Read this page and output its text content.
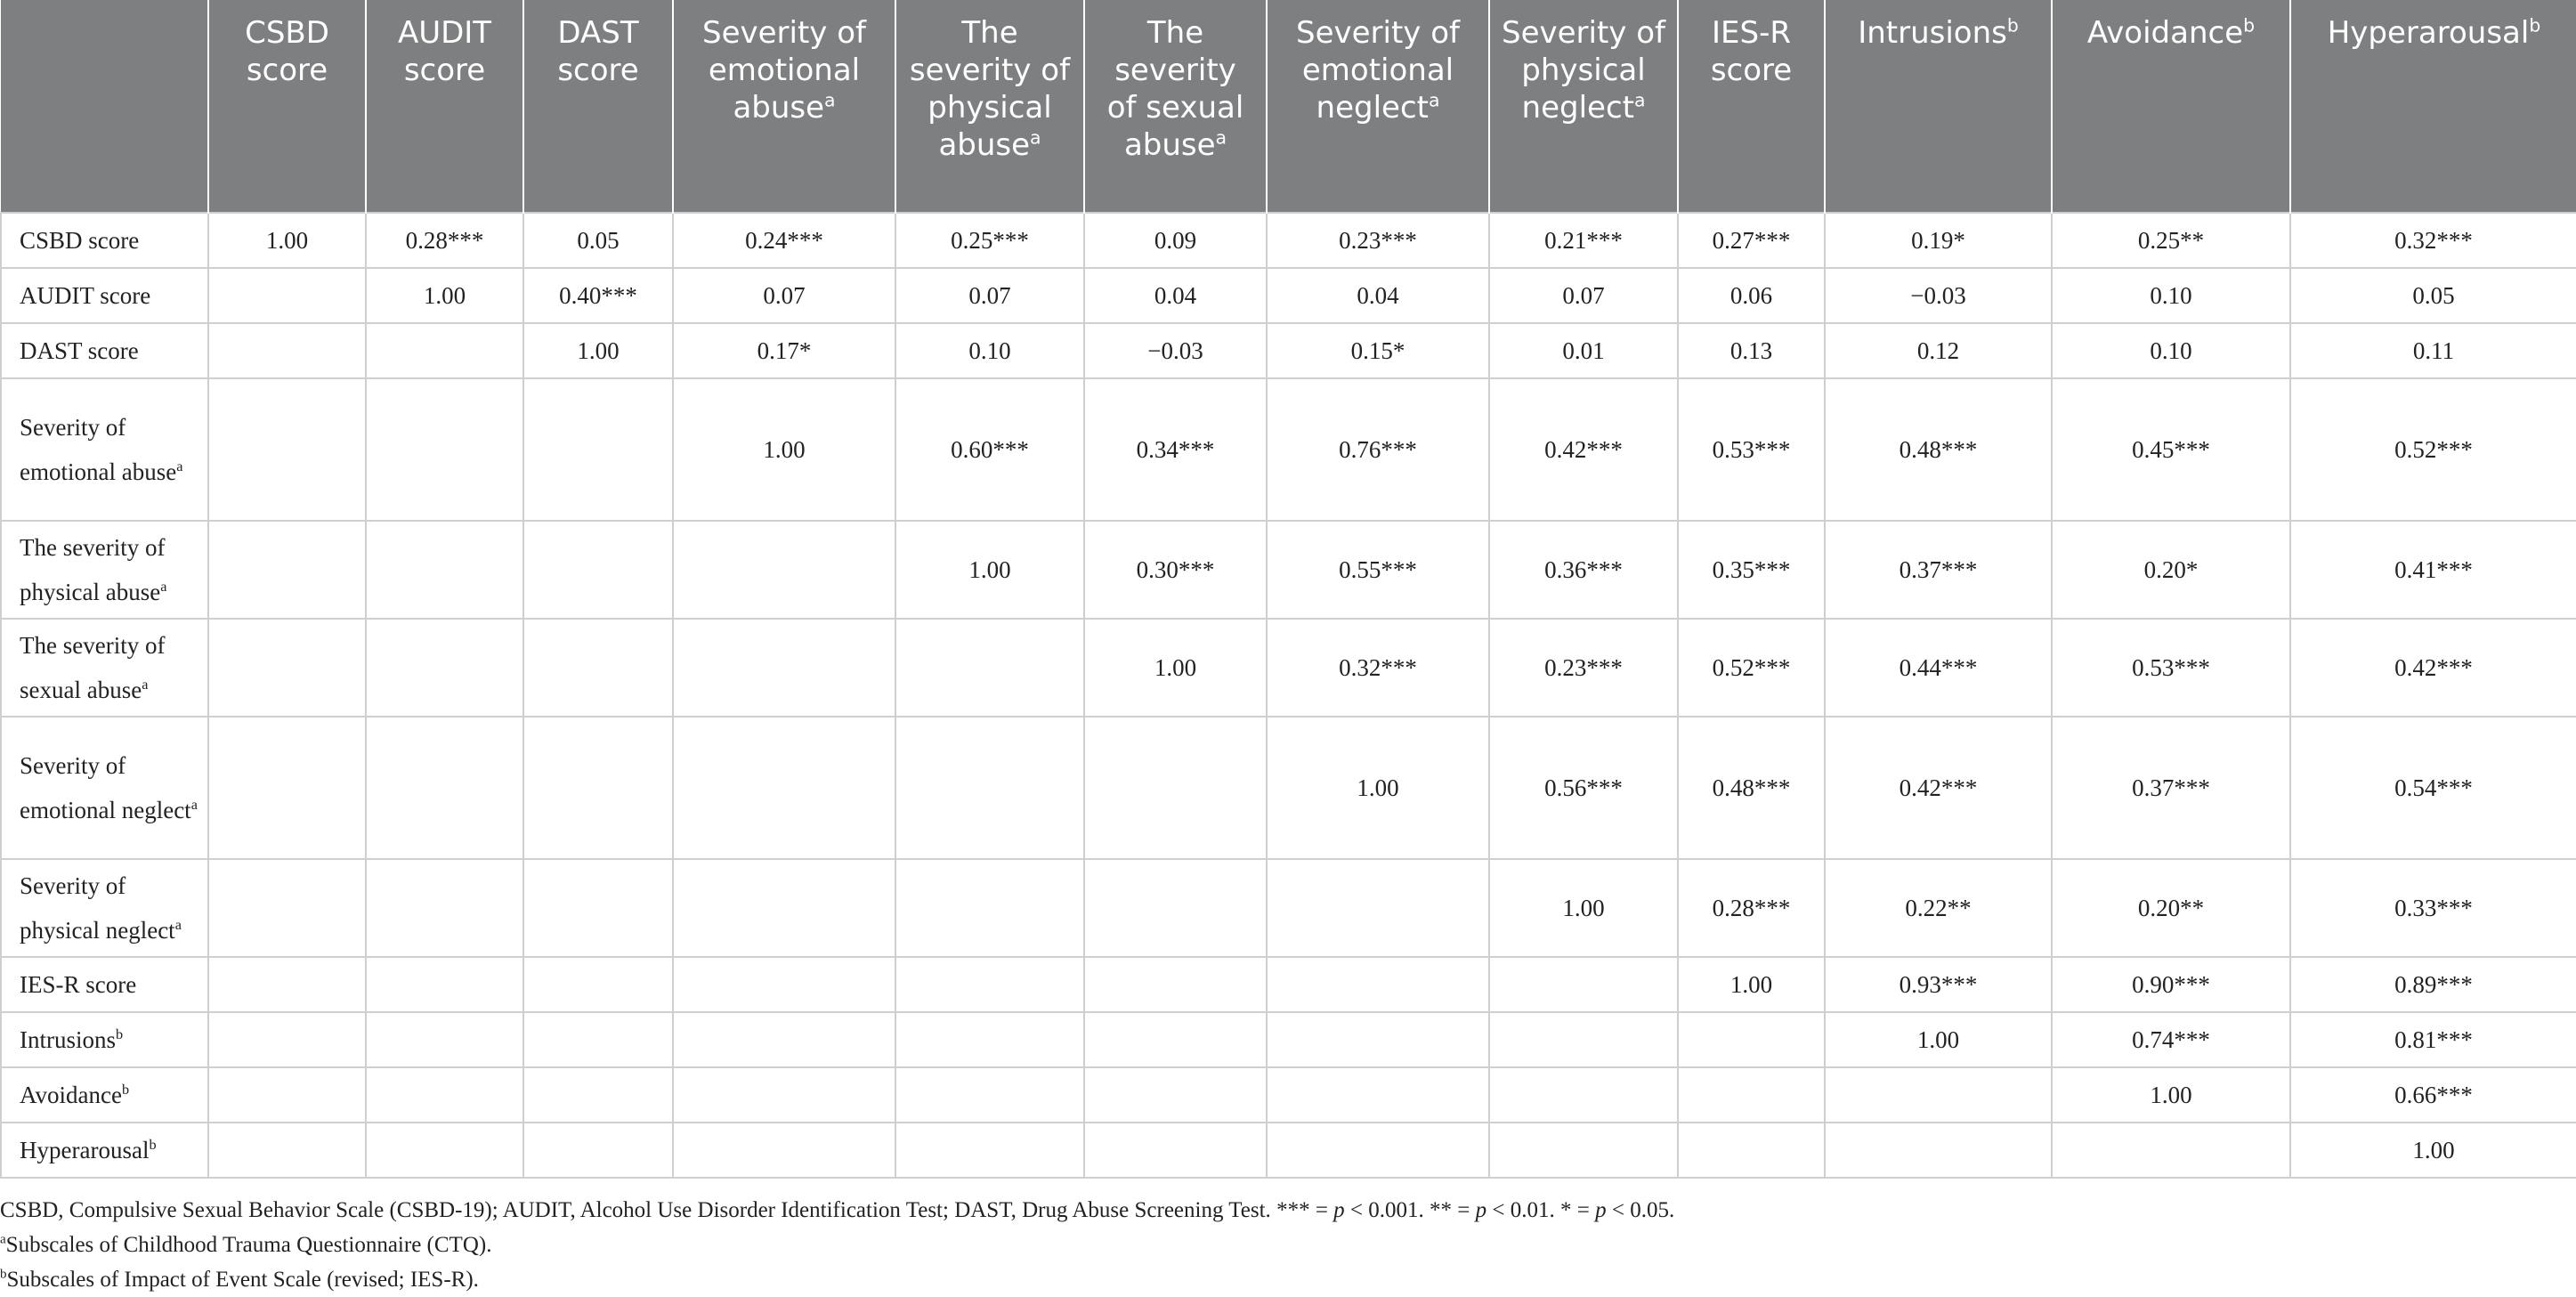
	CSBD score	AUDIT score	DAST score	Severity of emotional abuse$^a$	The severity of physical abuse$^a$	The severity of sexual abuse$^a$	Severity of emotional neglect$^a$	Severity of physical neglect$^a$	IES-R score	Intrusions$^b$	Avoidance$^b$	Hyperarousal$^b$
CSBD score	1.00	0.28***	0.05	0.24***	0.25***	0.09	0.23***	0.21***	0.27***	0.19*	0.25**	0.32***
AUDIT score		1.00	0.40***	0.07	0.07	0.04	0.04	0.07	0.06	−0.03	0.10	0.05
DAST score			1.00	0.17*	0.10	−0.03	0.15*	0.01	0.13	0.12	0.10	0.11
Severity of emotional abuse$^a$				1.00	0.60***	0.34***	0.76***	0.42***	0.53***	0.48***	0.45***	0.52***
The severity of physical abuse$^a$					1.00	0.30***	0.55***	0.36***	0.35***	0.37***	0.20*	0.41***
The severity of sexual abuse$^a$						1.00	0.32***	0.23***	0.52***	0.44***	0.53***	0.42***
Severity of emotional neglect$^a$							1.00	0.56***	0.48***	0.42***	0.37***	0.54***
Severity of physical neglect$^a$								1.00	0.28***	0.22**	0.20**	0.33***
IES-R score									1.00	0.93***	0.90***	0.89***
Intrusions$^b$										1.00	0.74***	0.81***
Avoidance$^b$											1.00	0.66***
Hyperarousal$^b$												1.00

CSBD, Compulsive Sexual Behavior Scale (CSBD-19); AUDIT, Alcohol Use Disorder Identification Test; DAST, Drug Abuse Screening Test. *** = p < 0.001. ** = p < 0.01. * = p < 0.05.

$^a$Subscales of Childhood Trauma Questionnaire (CTQ).

$^b$Subscales of Impact of Event Scale (revised; IES-R).
